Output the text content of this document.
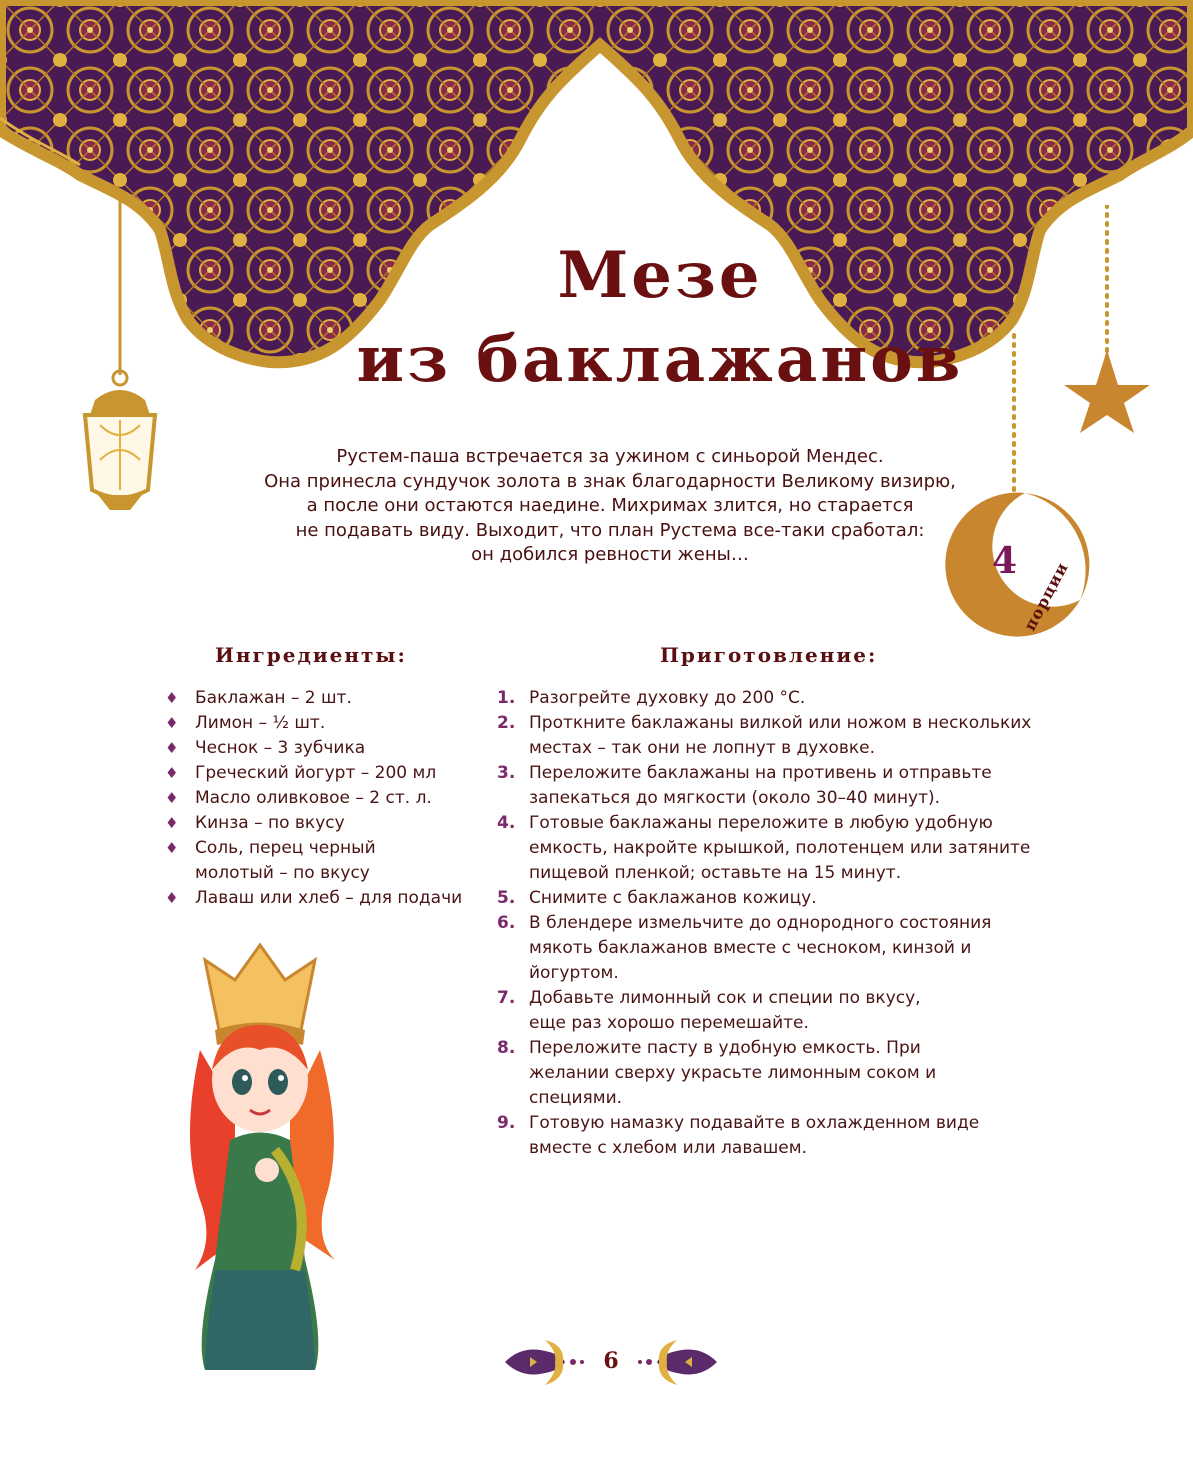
4 порции
Мезе
из баклажанов

Рустем-паша встречается за ужином с синьорой Мендес.

Она принесла сундучок золота в знак благодарности Великому визирю,

а после они остаются наедине. Михримах злится, но старается

не подавать виду. Выходит, что план Рустема все-таки сработал:

он добился ревности жены…

Ингредиенты:
♦ Баклажан – 2 шт.
♦ Лимон – ½ шт.
♦ Чеснок – 3 зубчика
♦ Греческий йогурт – 200 мл
♦ Масло оливковое – 2 ст. л.
♦ Кинза – по вкусу
♦ Соль, перец черный молотый – по вкусу
♦ Лаваш или хлеб – для подачи
Приготовление:
1. Разогрейте духовку до 200 °С.
2. Проткните баклажаны вилкой или ножом в нескольких местах – так они не лопнут в духовке.
3. Переложите баклажаны на противень и отправьте запекаться до мягкости (около 30–40 минут).
4. Готовые баклажаны переложите в любую удобную емкость, накройте крышкой, полотенцем или затяните пищевой пленкой; оставьте на 15 минут.
5. Снимите с баклажанов кожицу.
6. В блендере измельчите до однородного состояния мякоть баклажанов вместе с чесноком, кинзой и йогуртом.
7. Добавьте лимонный сок и специи по вкусу, еще раз хорошо перемешайте.
8. Переложите пасту в удобную емкость. При желании сверху украсьте лимонным соком и специями.
9. Готовую намазку подавайте в охлажденном виде вместе с хлебом или лавашем.
6
